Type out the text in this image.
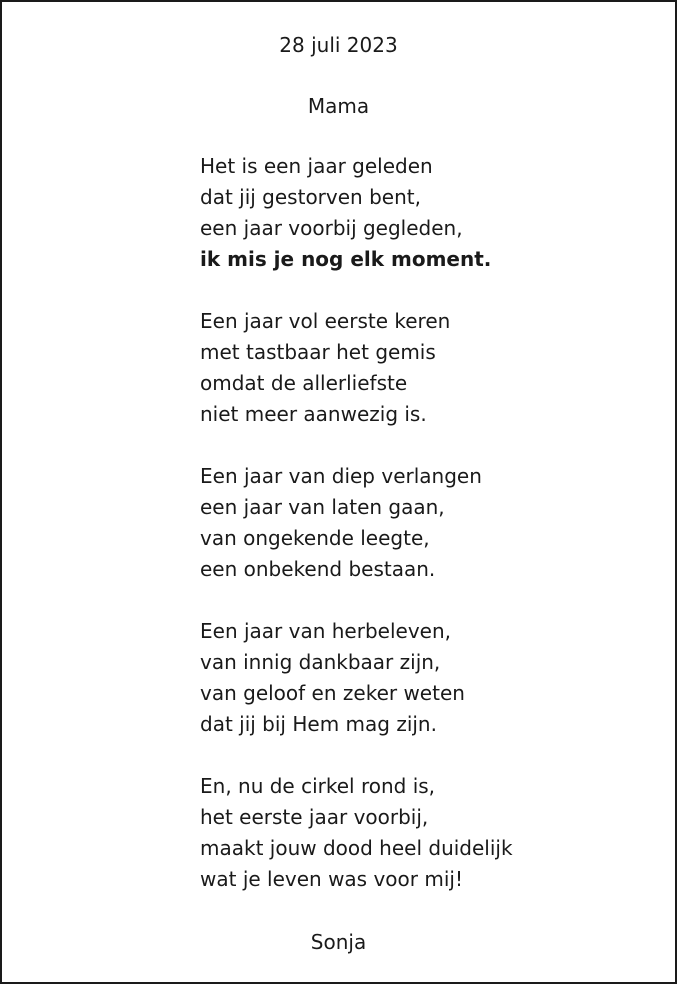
28 juli 2023

Mama
Het is een jaar geleden
dat jij gestorven bent,
een jaar voorbij gegleden,
ik mis je nog elk moment.
Een jaar vol eerste keren
met tastbaar het gemis
omdat de allerliefste
niet meer aanwezig is.
Een jaar van diep verlangen
een jaar van laten gaan,
van ongekende leegte,
een onbekend bestaan.
Een jaar van herbeleven,
van innig dankbaar zijn,
van geloof en zeker weten
dat jij bij Hem mag zijn.
En, nu de cirkel rond is,
het eerste jaar voorbij,
maakt jouw dood heel duidelijk
wat je leven was voor mij!

Sonja
